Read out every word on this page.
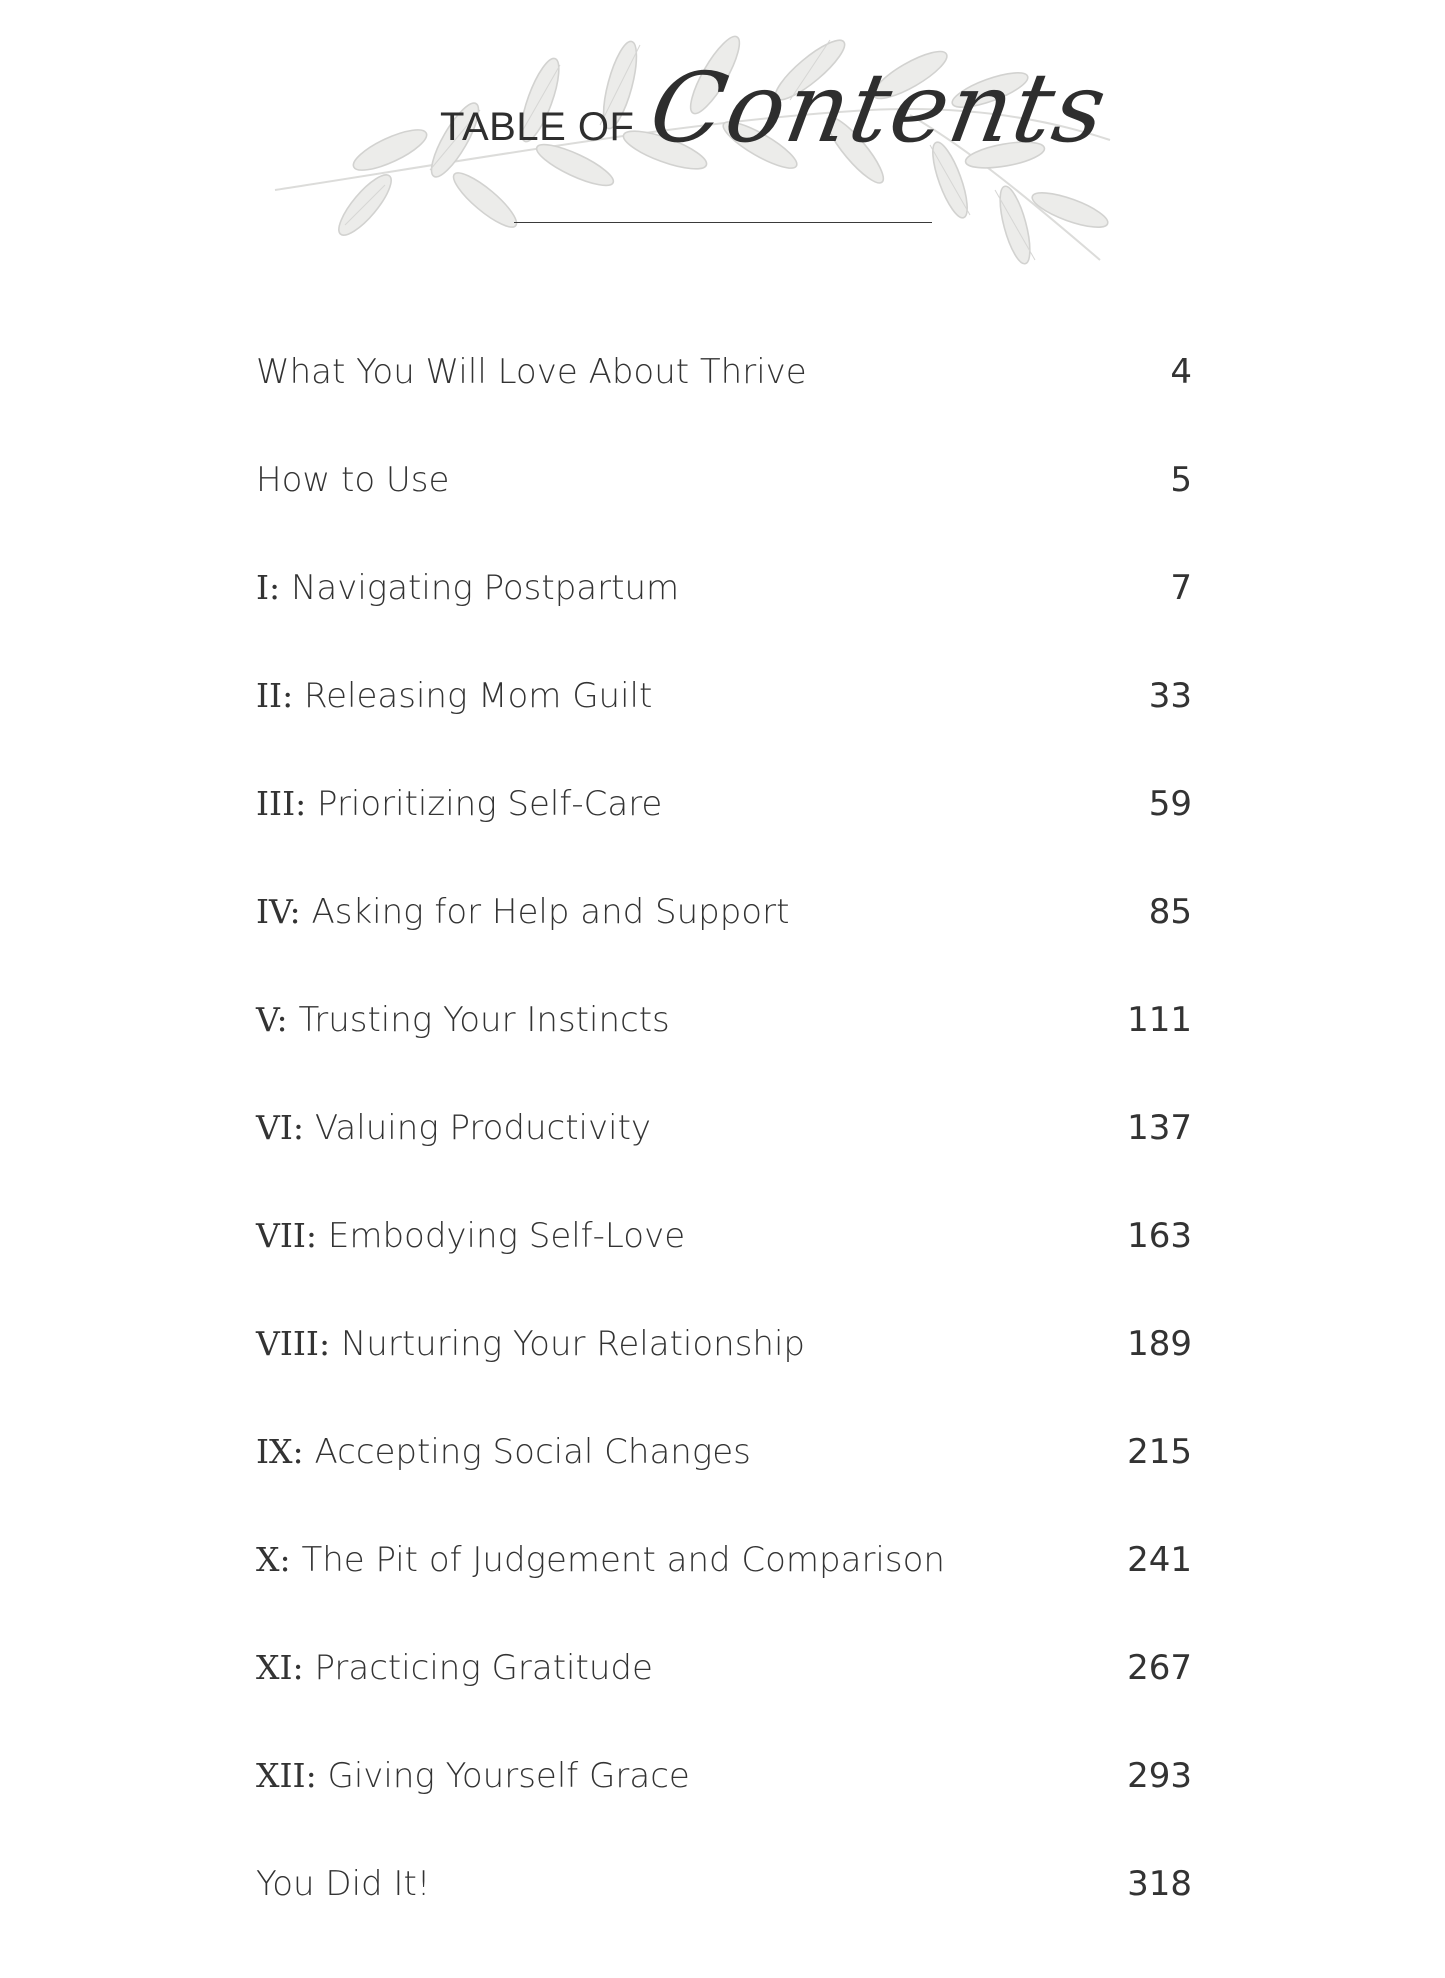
TABLE OF Contents
What You Will Love About Thrive	4
How to Use	5
I: Navigating Postpartum	7
II: Releasing Mom Guilt	33
III: Prioritizing Self-Care	59
IV: Asking for Help and Support	85
V: Trusting Your Instincts	111
VI: Valuing Productivity	137
VII: Embodying Self-Love	163
VIII: Nurturing Your Relationship	189
IX: Accepting Social Changes	215
X: The Pit of Judgement and Comparison	241
XI: Practicing Gratitude	267
XII: Giving Yourself Grace	293
You Did It!	318
